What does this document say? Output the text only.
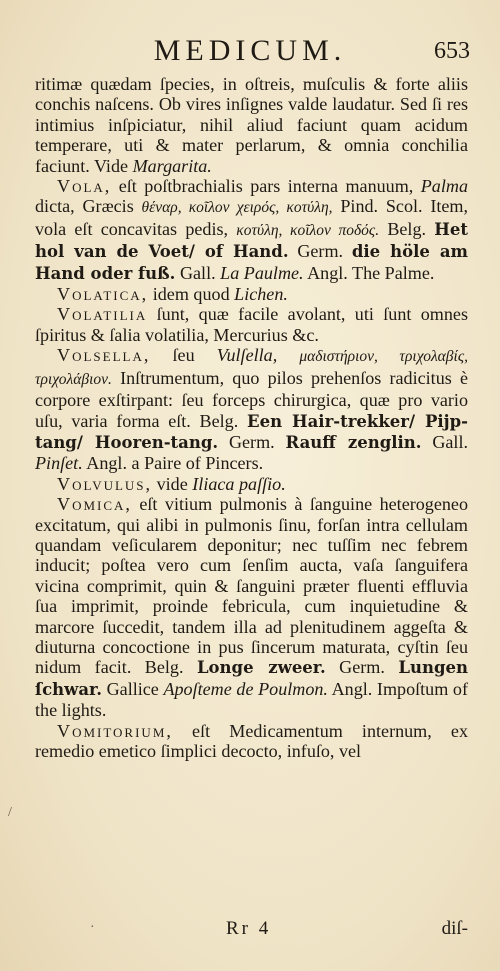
MEDICUM.	653

ritimæ quædam ſpecies, in oſtreis, muſculis & forte aliis conchis naſcens. Ob vires inſignes valde laudatur. Sed ſi res intimius inſpiciatur, nihil aliud faciunt quam acidum temperare, uti & mater perlarum, & omnia conchilia faciunt. Vide Margarita.

Vola, eſt poſtbrachialis pars interna manuum, Palma dicta, Græcis θέναρ, κοῖλον χειρός, κοτύλη, Pind. Scol. Item, vola eſt concavitas pedis, κοτύλη, κοῖλον ποδός. Belg. Het hol van de Voet/ of Hand. Germ. die höle am Hand oder fuß. Gall. La Paulme. Angl. The Palme.

Volatica, idem quod Lichen.

Volatilia ſunt, quæ facile avolant, uti ſunt omnes ſpiritus & ſalia volatilia, Mercurius &c.

Volsella, ſeu Vulſella, μαδιστήριον, τριχολαβίς, τριχολάβιον. Inſtrumentum, quo pilos prehenſos radicitus è corpore exſtirpant: ſeu forceps chirurgica, quæ pro vario uſu, varia forma eſt. Belg. Een Hair-trekker/ Pijp-tang/ Hooren-tang. Germ. Rauff zenglin. Gall. Pinſet. Angl. a Paire of Pincers.

Volvulus, vide Iliaca paſſio.

Vomica, eſt vitium pulmonis à ſanguine heterogeneo excitatum, qui alibi in pulmonis ſinu, forſan intra cellulam quandam veſicularem deponitur; nec tuſſim nec febrem inducit; poſtea vero cum ſenſim aucta, vaſa ſanguifera vicina comprimit, quin & ſanguini præter fluenti effluvia ſua imprimit, proinde febricula, cum inquietudine & marcore ſuccedit, tandem illa ad plenitudinem aggeſta & diuturna concoctione in pus ſincerum maturata, cyſtin ſeu nidum facit. Belg. Longe zweer. Germ. Lungen ſchwar. Gallice Apoſteme de Poulmon. Angl. Impoſtum of the lights.

Vomitorium, eſt Medicamentum internum, ex remedio emetico ſimplici decocto, infuſo, vel

/
·	Rr 4	diſ-
